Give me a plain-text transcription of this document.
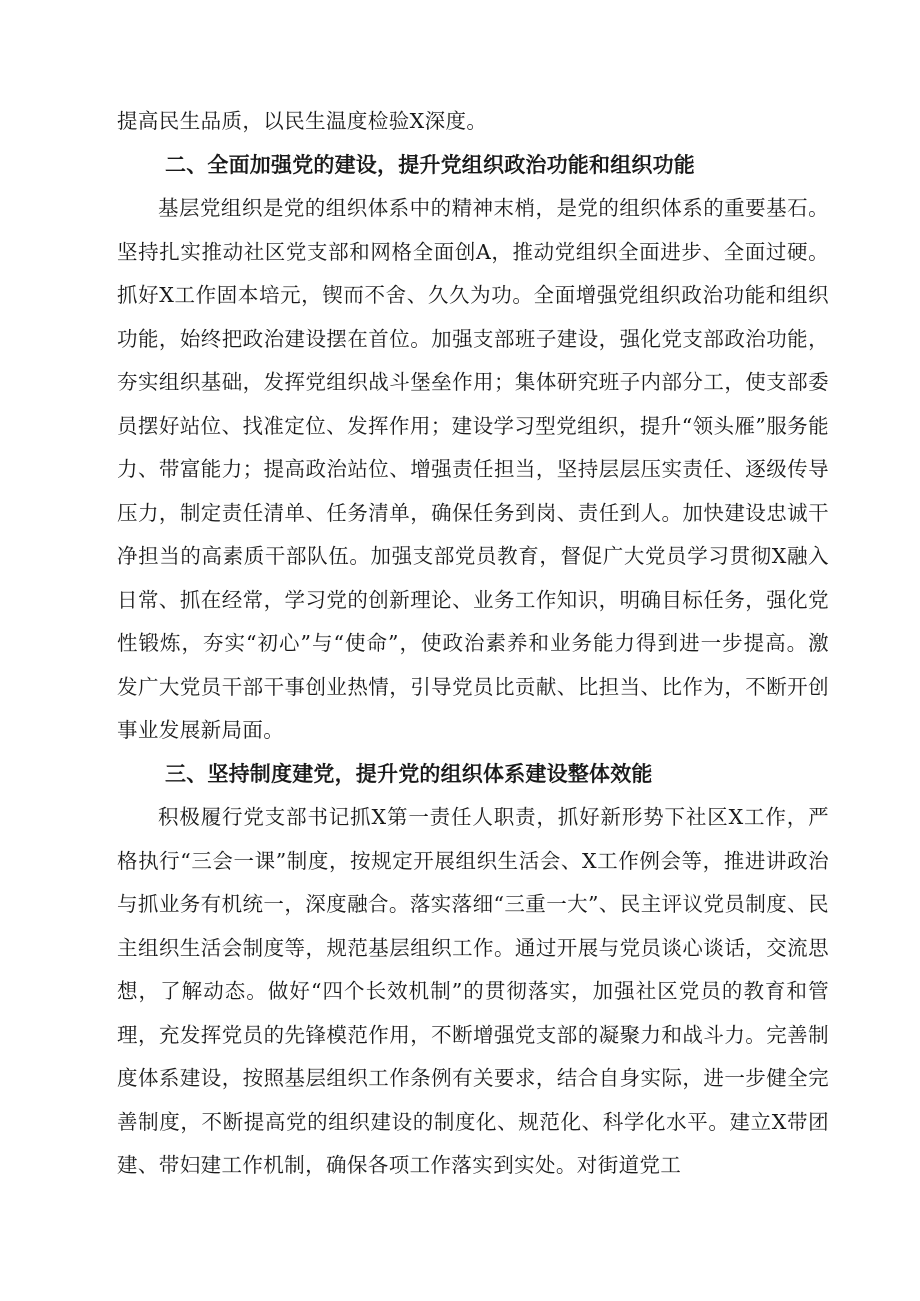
提高民生品质，以民生温度检验X深度。

二、全面加强党的建设，提升党组织政治功能和组织功能

基层党组织是党的组织体系中的精神末梢，是党的组织体系的重要基石。坚持扎实推动社区党支部和网格全面创A，推动党组织全面进步、全面过硬。抓好X工作固本培元，锲而不舍、久久为功。全面增强党组织政治功能和组织功能，始终把政治建设摆在首位。加强支部班子建设，强化党支部政治功能，夯实组织基础，发挥党组织战斗堡垒作用；集体研究班子内部分工，使支部委员摆好站位、找准定位、发挥作用；建设学习型党组织，提升“领头雁”服务能力、带富能力；提高政治站位、增强责任担当，坚持层层压实责任、逐级传导压力，制定责任清单、任务清单，确保任务到岗、责任到人。加快建设忠诚干净担当的高素质干部队伍。加强支部党员教育，督促广大党员学习贯彻X融入日常、抓在经常，学习党的创新理论、业务工作知识，明确目标任务，强化党性锻炼，夯实“初心”与“使命”，使政治素养和业务能力得到进一步提高。激发广大党员干部干事创业热情，引导党员比贡献、比担当、比作为，不断开创事业发展新局面。

三、坚持制度建党，提升党的组织体系建设整体效能

积极履行党支部书记抓X第一责任人职责，抓好新形势下社区X工作，严格执行“三会一课”制度，按规定开展组织生活会、X工作例会等，推进讲政治与抓业务有机统一，深度融合。落实落细“三重一大”、民主评议党员制度、民主组织生活会制度等，规范基层组织工作。通过开展与党员谈心谈话，交流思想，了解动态。做好“四个长效机制”的贯彻落实，加强社区党员的教育和管理，充发挥党员的先锋模范作用，不断增强党支部的凝聚力和战斗力。完善制度体系建设，按照基层组织工作条例有关要求，结合自身实际，进一步健全完善制度，不断提高党的组织建设的制度化、规范化、科学化水平。建立X带团建、带妇建工作机制，确保各项工作落实到实处。对街道党工
